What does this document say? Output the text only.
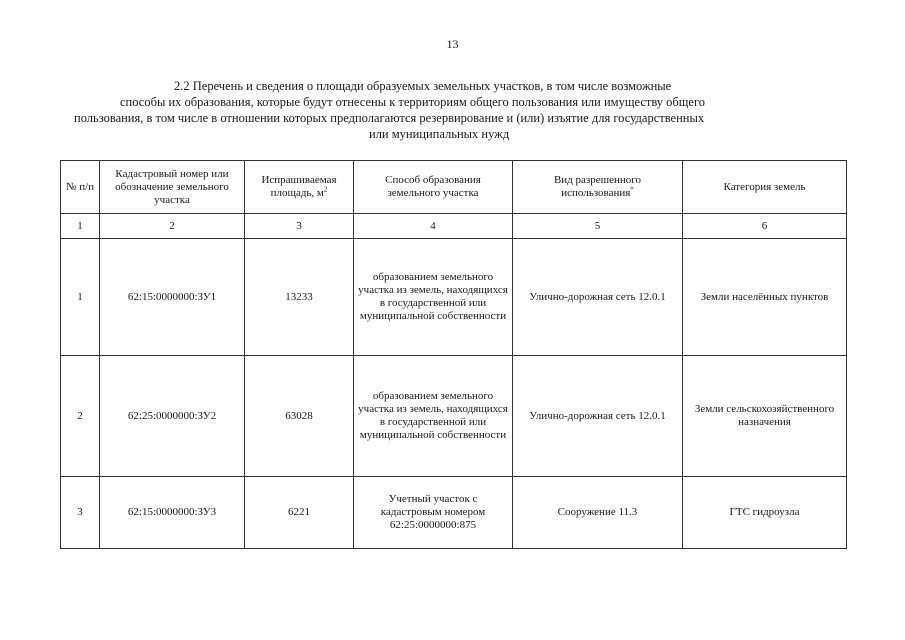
13
2.2 Перечень и сведения о площади образуемых земельных участков, в том числе возможные
способы их образования, которые будут отнесены к территориям общего пользования или имуществу общего
пользования, в том числе в отношении которых предполагаются резервирование и (или) изъятие для государственных
или муниципальных нужд
№ п/п	Кадастровый номер или обозначение земельного участка	Испрашиваемая площадь, $м^2$	Способ образования земельного участка	Вид разрешенного использования*	Категория земель
1	2	3	4	5	6
1	62:15:0000000:ЗУ1	13233	образованием земельного участка из земель, находящихся в государственной или муниципальной собственности	Улично-дорожная сеть 12.0.1	Земли населённых пунктов
2	62:25:0000000:ЗУ2	63028	образованием земельного участка из земель, находящихся в государственной или муниципальной собственности	Улично-дорожная сеть 12.0.1	Земли сельскохозяйственного назначения
3	62:15:0000000:ЗУ3	6221	Учетный участок с кадастровым номером 62:25:0000000:875	Сооружение 11.3	ГТС гидроузла
